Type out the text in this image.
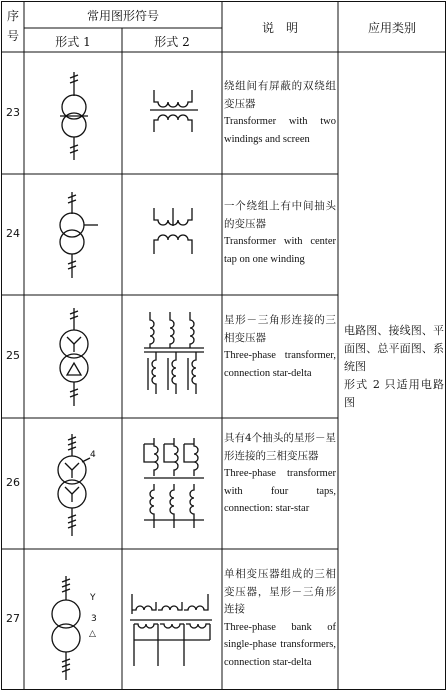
序号
常用图形符号
形式 1	形式 2
说　明	应用类别
23
24
25
26
27
绕组间有屏蔽的双绕组变压器
Transformer with two windings and screen
一个绕组上有中间抽头的变压器
Transformer with center tap on one winding
星形－三角形连接的三相变压器
Three-phase transformer, connection star-delta
具有4个抽头的星形－星形连接的三相变压器
Three-phase transformer with four taps, connection: star-star
单相变压器组成的三相变压器，星形－三角形连接
Three-phase bank of single-phase transformers, connection star-delta
电路图、接线图、平面图、总平面图、系统图
形式 2 只适用电路图
4
Y
3
△
